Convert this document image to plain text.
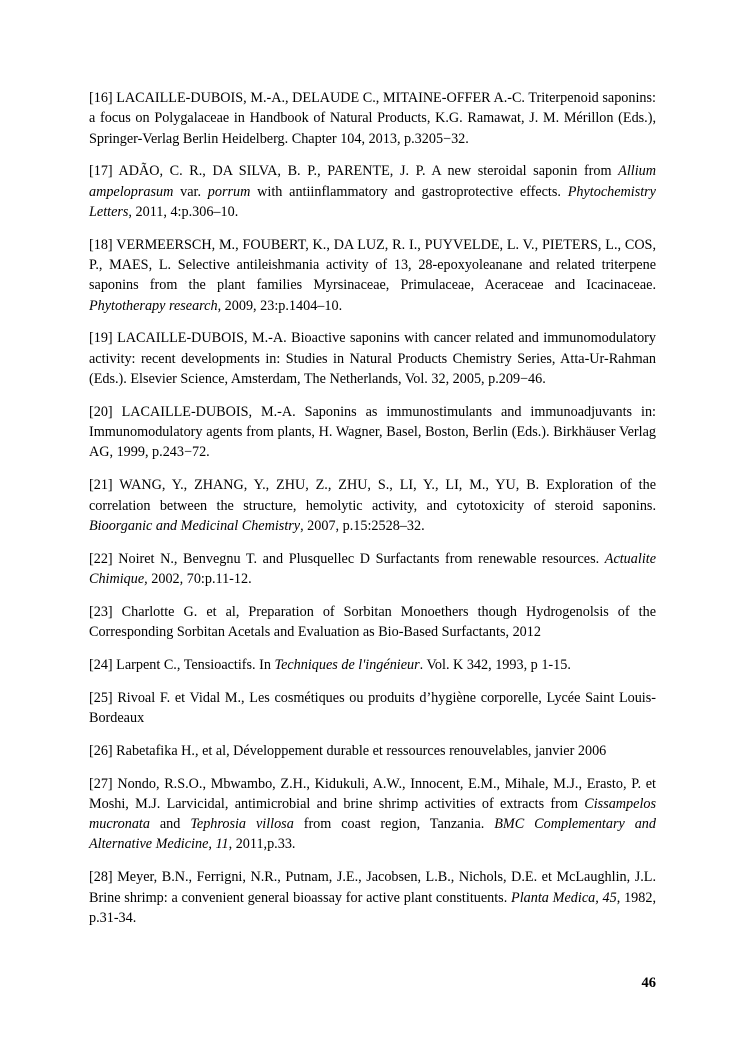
[16] LACAILLE-DUBOIS, M.-A., DELAUDE C., MITAINE-OFFER A.-C. Triterpenoid saponins: a focus on Polygalaceae in Handbook of Natural Products, K.G. Ramawat, J. M. Mérillon (Eds.), Springer-Verlag Berlin Heidelberg. Chapter 104, 2013, p.3205−32.

[17] ADÃO, C. R., DA SILVA, B. P., PARENTE, J. P. A new steroidal saponin from Allium ampeloprasum var. porrum with antiinflammatory and gastroprotective effects. Phytochemistry Letters, 2011, 4:p.306–10.

[18] VERMEERSCH, M., FOUBERT, K., DA LUZ, R. I., PUYVELDE, L. V., PIETERS, L., COS, P., MAES, L. Selective antileishmania activity of 13, 28-epoxyoleanane and related triterpene saponins from the plant families Myrsinaceae, Primulaceae, Aceraceae and Icacinaceae. Phytotherapy research, 2009, 23:p.1404–10.

[19] LACAILLE-DUBOIS, M.-A. Bioactive saponins with cancer related and immunomodulatory activity: recent developments in: Studies in Natural Products Chemistry Series, Atta-Ur-Rahman (Eds.). Elsevier Science, Amsterdam, The Netherlands, Vol. 32, 2005, p.209−46.

[20] LACAILLE-DUBOIS, M.-A. Saponins as immunostimulants and immunoadjuvants in: Immunomodulatory agents from plants, H. Wagner, Basel, Boston, Berlin (Eds.). Birkhäuser Verlag AG, 1999, p.243−72.

[21] WANG, Y., ZHANG, Y., ZHU, Z., ZHU, S., LI, Y., LI, M., YU, B. Exploration of the correlation between the structure, hemolytic activity, and cytotoxicity of steroid saponins. Bioorganic and Medicinal Chemistry, 2007, p.15:2528–32.

[22] Noiret N., Benvegnu T. and Plusquellec D Surfactants from renewable resources. Actualite Chimique, 2002, 70:p.11-12.

[23] Charlotte G. et al, Preparation of Sorbitan Monoethers though Hydrogenolsis of the Corresponding Sorbitan Acetals and Evaluation as Bio-Based Surfactants, 2012

[24] Larpent C., Tensioactifs. In Techniques de l'ingénieur. Vol. K 342, 1993, p 1-15.

[25] Rivoal F. et Vidal M., Les cosmétiques ou produits d’hygiène corporelle, Lycée Saint Louis-Bordeaux

[26] Rabetafika H., et al, Développement durable et ressources renouvelables, janvier 2006

[27] Nondo, R.S.O., Mbwambo, Z.H., Kidukuli, A.W., Innocent, E.M., Mihale, M.J., Erasto, P. et Moshi, M.J. Larvicidal, antimicrobial and brine shrimp activities of extracts from Cissampelos mucronata and Tephrosia villosa from coast region, Tanzania. BMC Complementary and Alternative Medicine, 11, 2011,p.33.

[28] Meyer, B.N., Ferrigni, N.R., Putnam, J.E., Jacobsen, L.B., Nichols, D.E. et McLaughlin, J.L. Brine shrimp: a convenient general bioassay for active plant constituents. Planta Medica, 45, 1982, p.31-34.

46
